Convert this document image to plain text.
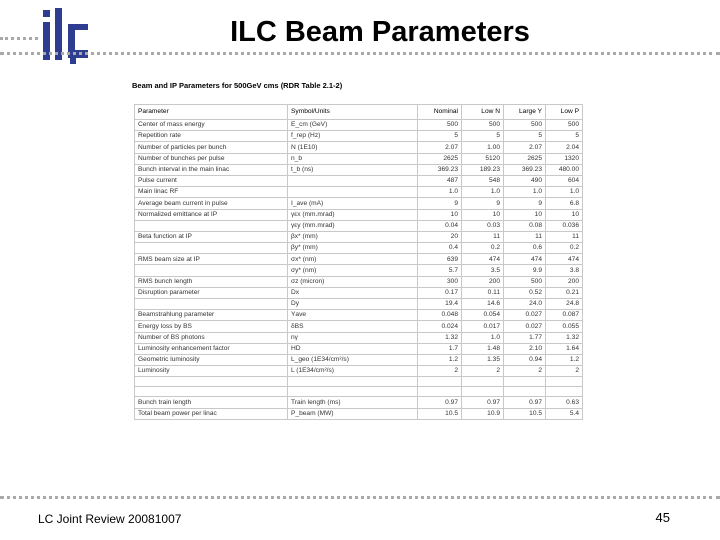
ILC Beam Parameters
Beam and IP Parameters for 500GeV cms (RDR Table 2.1-2)
Parameter	Symbol/Units	Nominal	Low N	Large Y	Low P
Center of mass energy	E_cm (GeV)	500	500	500	500
Repetition rate	f_rep (Hz)	5	5	5	5
Number of particles per bunch	N (1E10)	2.07	1.00	2.07	2.04
Number of bunches per pulse	n_b	2625	5120	2625	1320
Bunch interval in the main linac	t_b (ns)	369.23	189.23	369.23	480.00
Pulse current		487	548	490	604
Main linac RF		1.0	1.0	1.0	1.0
Average beam current in pulse	I_ave (mA)	9	9	9	6.8
Normalized emittance at IP	γεx (mm.mrad)	10	10	10	10
	γεy (mm.mrad)	0.04	0.03	0.08	0.036
Beta function at IP	βx* (mm)	20	11	11	11
	βy* (mm)	0.4	0.2	0.6	0.2
RMS beam size at IP	σx* (nm)	639	474	474	474
	σy* (nm)	5.7	3.5	9.9	3.8
RMS bunch length	σz (micron)	300	200	500	200
Disruption parameter	Dx	0.17	0.11	0.52	0.21
	Dy	19.4	14.6	24.0	24.8
Beamstrahlung parameter	Υave	0.048	0.054	0.027	0.087
Energy loss by BS	δBS	0.024	0.017	0.027	0.055
Number of BS photons	nγ	1.32	1.0	1.77	1.32
Luminosity enhancement factor	HD	1.7	1.48	2.10	1.64
Geometric luminosity	L_geo (1E34/cm²/s)	1.2	1.35	0.94	1.2
Luminosity	L (1E34/cm²/s)	2	2	2	2

Bunch train length	Train length (ms)	0.97	0.97	0.97	0.63
Total beam power per linac	P_beam (MW)	10.5	10.9	10.5	5.4
LC Joint Review 20081007	45
